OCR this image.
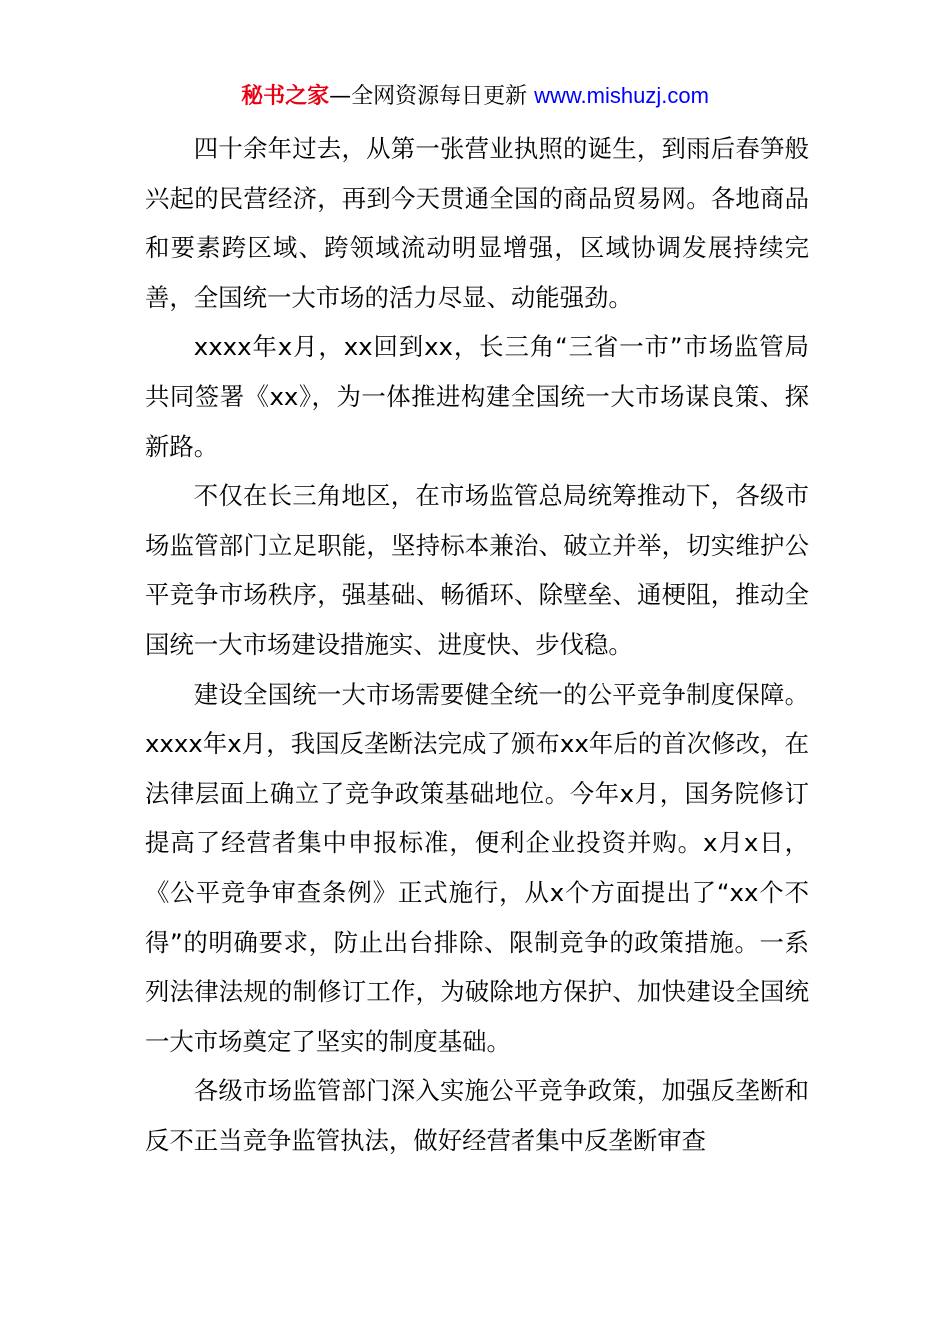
秘书之家—全网资源每日更新 www.mishuzj.com

四十余年过去，从第一张营业执照的诞生，到雨后春笋般兴起的民营经济，再到今天贯通全国的商品贸易网。各地商品和要素跨区域、跨领域流动明显增强，区域协调发展持续完善，全国统一大市场的活力尽显、动能强劲。

xxxx年x月，xx回到xx，长三角“三省一市”市场监管局共同签署《xx》，为一体推进构建全国统一大市场谋良策、探新路。

不仅在长三角地区，在市场监管总局统筹推动下，各级市场监管部门立足职能，坚持标本兼治、破立并举，切实维护公平竞争市场秩序，强基础、畅循环、除壁垒、通梗阻，推动全国统一大市场建设措施实、进度快、步伐稳。

建设全国统一大市场需要健全统一的公平竞争制度保障。xxxx年x月，我国反垄断法完成了颁布xx年后的首次修改，在法律层面上确立了竞争政策基础地位。今年x月，国务院修订提高了经营者集中申报标准，便利企业投资并购。x月x日，《公平竞争审查条例》正式施行，从x个方面提出了“xx个不得”的明确要求，防止出台排除、限制竞争的政策措施。一系列法律法规的制修订工作，为破除地方保护、加快建设全国统一大市场奠定了坚实的制度基础。

各级市场监管部门深入实施公平竞争政策，加强反垄断和反不正当竞争监管执法，做好经营者集中反垄断审查
